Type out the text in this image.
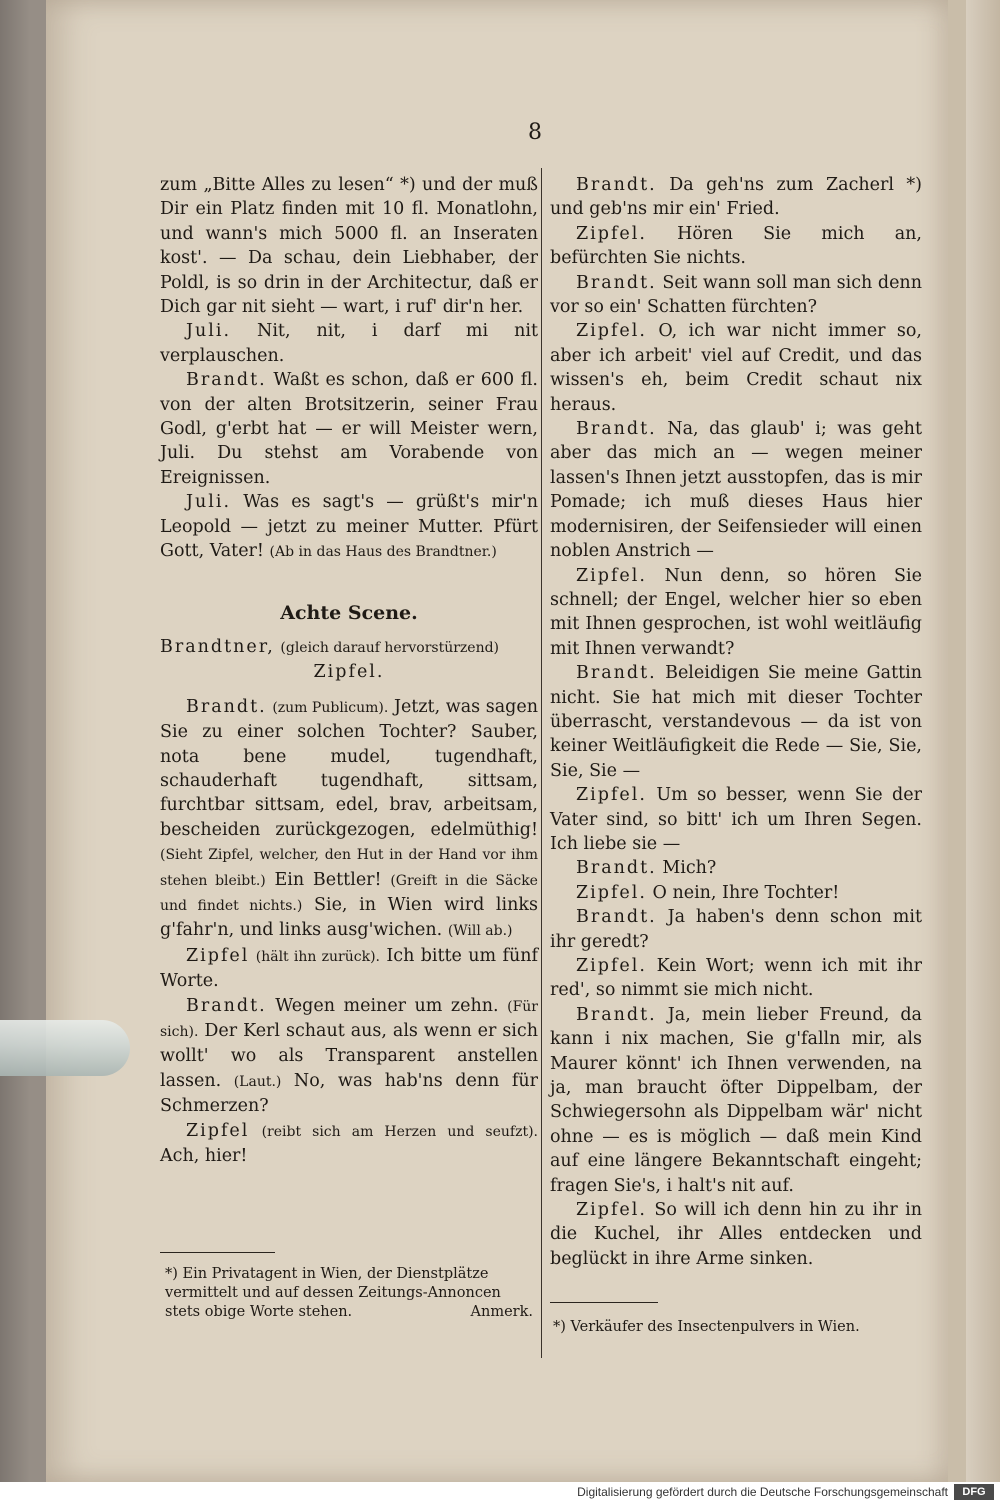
8

zum „Bitte Alles zu lesen“ *) und der muß Dir ein Platz finden mit 10 fl. Monatlohn, und wann's mich 5000 fl. an Inseraten kost'. — Da schau, dein Liebhaber, der Poldl, is so drin in der Architectur, daß er Dich gar nit sieht — wart, i ruf' dir'n her.

Juli. Nit, nit, i darf mi nit verplauschen.

Brandt. Waßt es schon, daß er 600 fl. von der alten Brotsitzerin, seiner Frau Godl, g'erbt hat — er will Meister wern, Juli. Du stehst am Vorabende von Ereignissen.

Juli. Was es sagt's — grüßt's mir'n Leopold — jetzt zu meiner Mutter. Pfürt Gott, Vater! (Ab in das Haus des Brandtner.)

Achte Scene.

Brandtner, (gleich darauf hervorstürzend)

Zipfel.

Brandt. (zum Publicum). Jetzt, was sagen Sie zu einer solchen Tochter? Sauber, nota bene mudel, tugendhaft, schauderhaft tugendhaft, sittsam, furchtbar sittsam, edel, brav, arbeitsam, bescheiden zurückgezogen, edelmüthig! (Sieht Zipfel, welcher, den Hut in der Hand vor ihm stehen bleibt.) Ein Bettler! (Greift in die Säcke und findet nichts.) Sie, in Wien wird links g'fahr'n, und links ausg'wichen. (Will ab.)

Zipfel (hält ihn zurück). Ich bitte um fünf Worte.

Brandt. Wegen meiner um zehn. (Für sich). Der Kerl schaut aus, als wenn er sich wollt' wo als Transparent anstellen lassen. (Laut.) No, was hab'ns denn für Schmerzen?

Zipfel (reibt sich am Herzen und seufzt). Ach, hier!

*) Ein Privatagent in Wien, der Dienstplätze vermittelt und auf dessen Zeitungs-Annoncen stets obige Worte stehen.	Anmerk.

Brandt. Da geh'ns zum Zacherl *) und geb'ns mir ein' Fried.

Zipfel. Hören Sie mich an, befürchten Sie nichts.

Brandt. Seit wann soll man sich denn vor so ein' Schatten fürchten?

Zipfel. O, ich war nicht immer so, aber ich arbeit' viel auf Credit, und das wissen's eh, beim Credit schaut nix heraus.

Brandt. Na, das glaub' i; was geht aber das mich an — wegen meiner lassen's Ihnen jetzt ausstopfen, das is mir Pomade; ich muß dieses Haus hier modernisiren, der Seifensieder will einen noblen Anstrich —

Zipfel. Nun denn, so hören Sie schnell; der Engel, welcher hier so eben mit Ihnen gesprochen, ist wohl weitläufig mit Ihnen verwandt?

Brandt. Beleidigen Sie meine Gattin nicht. Sie hat mich mit dieser Tochter überrascht, verstandevous — da ist von keiner Weitläufigkeit die Rede — Sie, Sie, Sie, Sie —

Zipfel. Um so besser, wenn Sie der Vater sind, so bitt' ich um Ihren Segen. Ich liebe sie —

Brandt. Mich?

Zipfel. O nein, Ihre Tochter!

Brandt. Ja haben's denn schon mit ihr geredt?

Zipfel. Kein Wort; wenn ich mit ihr red', so nimmt sie mich nicht.

Brandt. Ja, mein lieber Freund, da kann i nix machen, Sie g'falln mir, als Maurer könnt' ich Ihnen verwenden, na ja, man braucht öfter Dippelbam, der Schwiegersohn als Dippelbam wär' nicht ohne — es is möglich — daß mein Kind auf eine längere Bekanntschaft eingeht; fragen Sie's, i halt's nit auf.

Zipfel. So will ich denn hin zu ihr in die Kuchel, ihr Alles entdecken und beglückt in ihre Arme sinken.

*) Verkäufer des Insectenpulvers in Wien.
Digitalisierung gefördert durch die Deutsche Forschungsgemeinschaft	DFG
